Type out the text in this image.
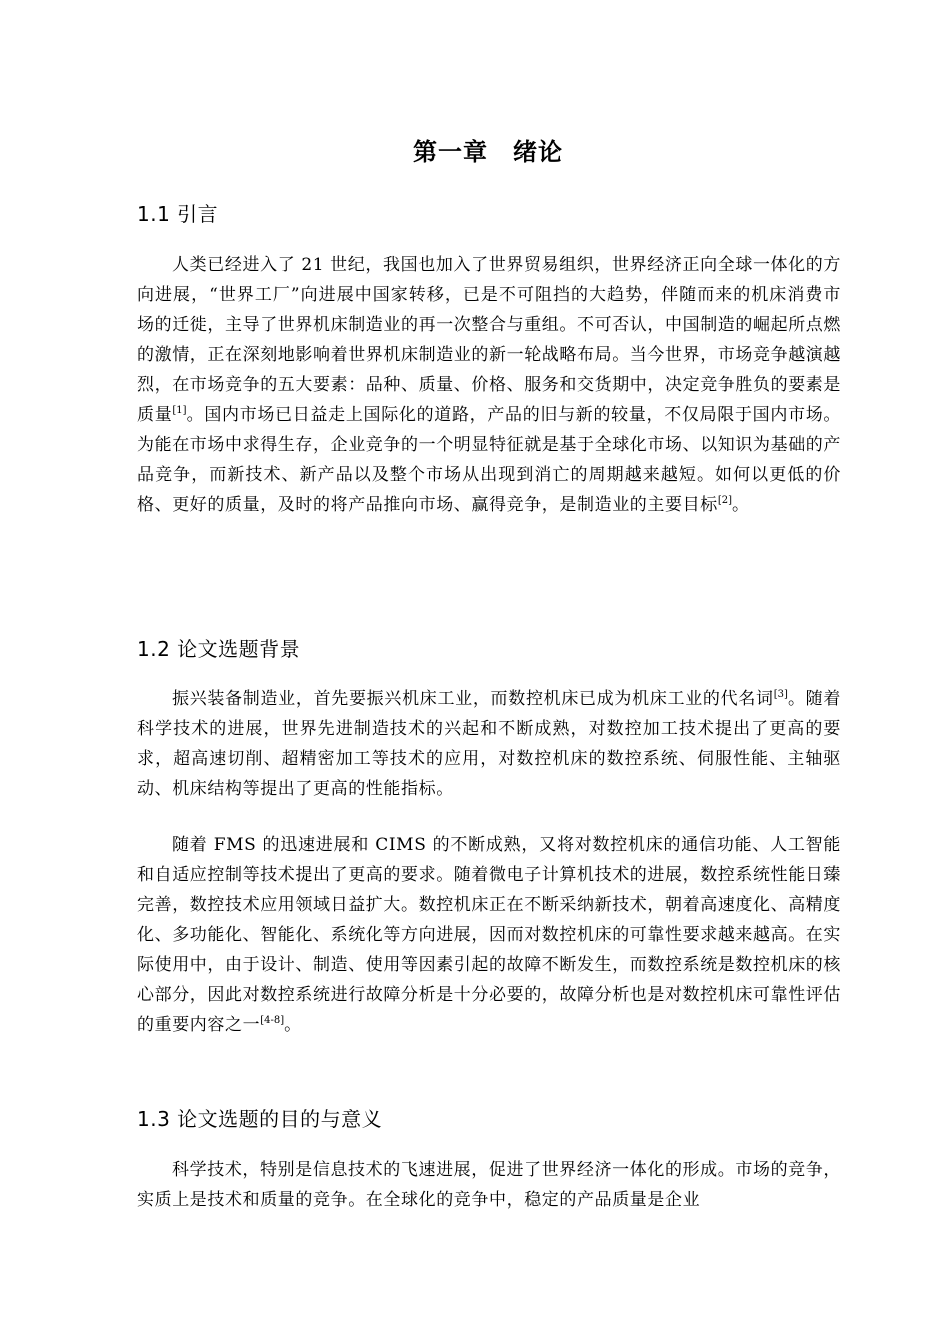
第一章　绪论
1.1 引言
人类已经进入了 21 世纪，我国也加入了世界贸易组织，世界经济正向全球一体化的方向进展，“世界工厂”向进展中国家转移，已是不可阻挡的大趋势，伴随而来的机床消费市场的迁徙，主导了世界机床制造业的再一次整合与重组。不可否认，中国制造的崛起所点燃的激情，正在深刻地影响着世界机床制造业的新一轮战略布局。当今世界，市场竞争越演越烈，在市场竞争的五大要素：品种、质量、价格、服务和交货期中，决定竞争胜负的要素是质量[1]。国内市场已日益走上国际化的道路，产品的旧与新的较量，不仅局限于国内市场。为能在市场中求得生存，企业竞争的一个明显特征就是基于全球化市场、以知识为基础的产品竞争，而新技术、新产品以及整个市场从出现到消亡的周期越来越短。如何以更低的价格、更好的质量，及时的将产品推向市场、赢得竞争，是制造业的主要目标[2]。
1.2 论文选题背景
振兴装备制造业，首先要振兴机床工业，而数控机床已成为机床工业的代名词[3]。随着科学技术的进展，世界先进制造技术的兴起和不断成熟，对数控加工技术提出了更高的要求，超高速切削、超精密加工等技术的应用，对数控机床的数控系统、伺服性能、主轴驱动、机床结构等提出了更高的性能指标。
随着 FMS 的迅速进展和 CIMS 的不断成熟，又将对数控机床的通信功能、人工智能和自适应控制等技术提出了更高的要求。随着微电子计算机技术的进展，数控系统性能日臻完善，数控技术应用领域日益扩大。数控机床正在不断采纳新技术，朝着高速度化、高精度化、多功能化、智能化、系统化等方向进展，因而对数控机床的可靠性要求越来越高。在实际使用中，由于设计、制造、使用等因素引起的故障不断发生，而数控系统是数控机床的核心部分，因此对数控系统进行故障分析是十分必要的，故障分析也是对数控机床可靠性评估的重要内容之一[4-8]。
1.3 论文选题的目的与意义
科学技术，特别是信息技术的飞速进展，促进了世界经济一体化的形成。市场的竞争，实质上是技术和质量的竞争。在全球化的竞争中，稳定的产品质量是企业
